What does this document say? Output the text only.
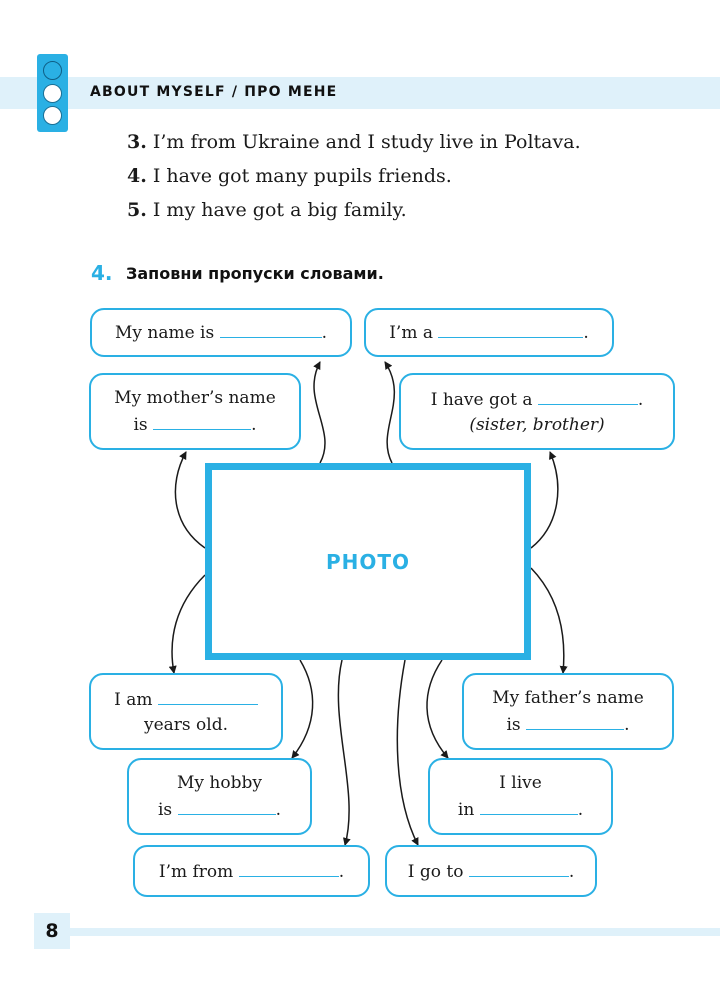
ABOUT MYSELF / ПРО МЕНЕ
3. I’m from Ukraine and I study live in Poltava.
4. I have got many pupils friends.
5. I my have got a big family.
4. Заповни пропуски словами.
My name is	.	I’m a	.
My mother’s name
is	.
I have got a	.
(sister, brother)
PHOTO
I am
years old.
My father’s name
is	.
My hobby
is	.
I live
in	.
I’m from	.	I go to	.
8
